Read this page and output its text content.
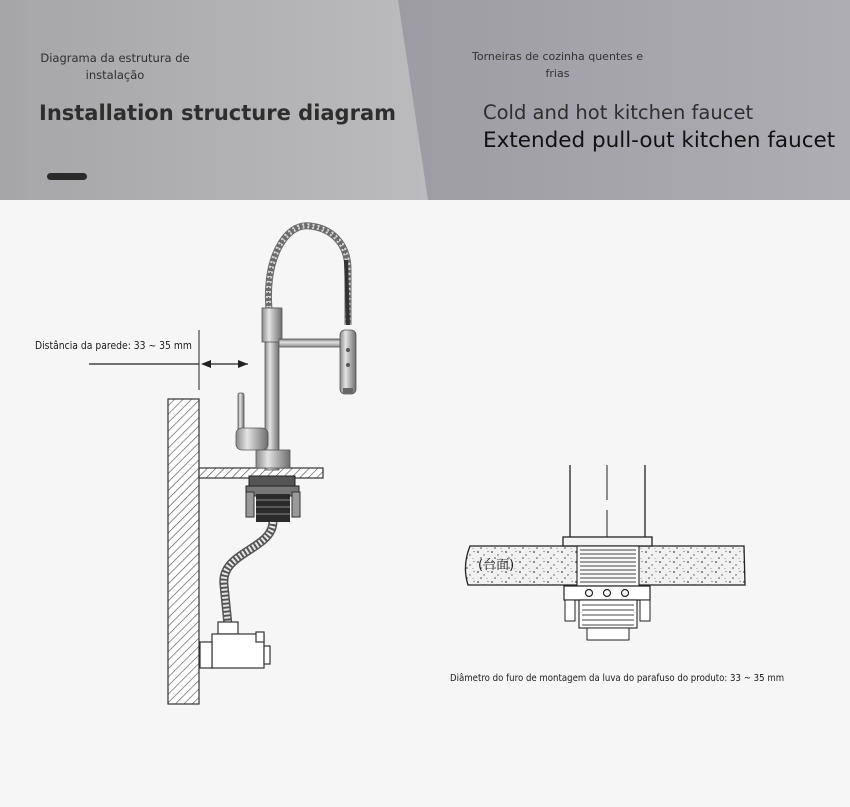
Diagrama da estrutura de instalação

Installation structure diagram

Torneiras de cozinha quentes e frias

Cold and hot kitchen faucet

Extended pull-out kitchen faucet

(台面)

Distância da parede: 33 ~ 35 mm

Diâmetro do furo de montagem da luva do parafuso do produto: 33 ~ 35 mm
